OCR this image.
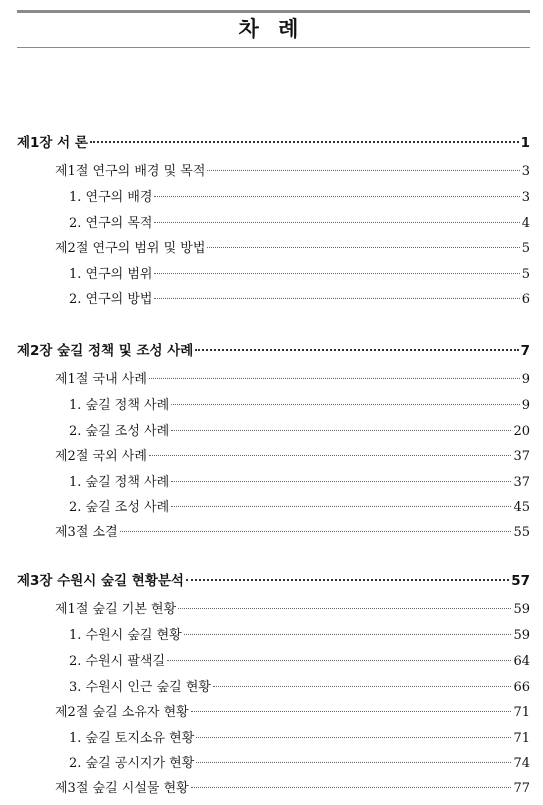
차 례
제1장 서 론	1
제1절 연구의 배경 및 목적	3
1. 연구의 배경	3
2. 연구의 목적	4
제2절 연구의 범위 및 방법	5
1. 연구의 범위	5
2. 연구의 방법	6
제2장 숲길 정책 및 조성 사례	7
제1절 국내 사례	9
1. 숲길 정책 사례	9
2. 숲길 조성 사례	20
제2절 국외 사례	37
1. 숲길 정책 사례	37
2. 숲길 조성 사례	45
제3절 소결	55
제3장 수원시 숲길 현황분석	57
제1절 숲길 기본 현황	59
1. 수원시 숲길 현황	59
2. 수원시 팔색길	64
3. 수원시 인근 숲길 현황	66
제2절 숲길 소유자 현황	71
1. 숲길 토지소유 현황	71
2. 숲길 공시지가 현황	74
제3절 숲길 시설물 현황	77
